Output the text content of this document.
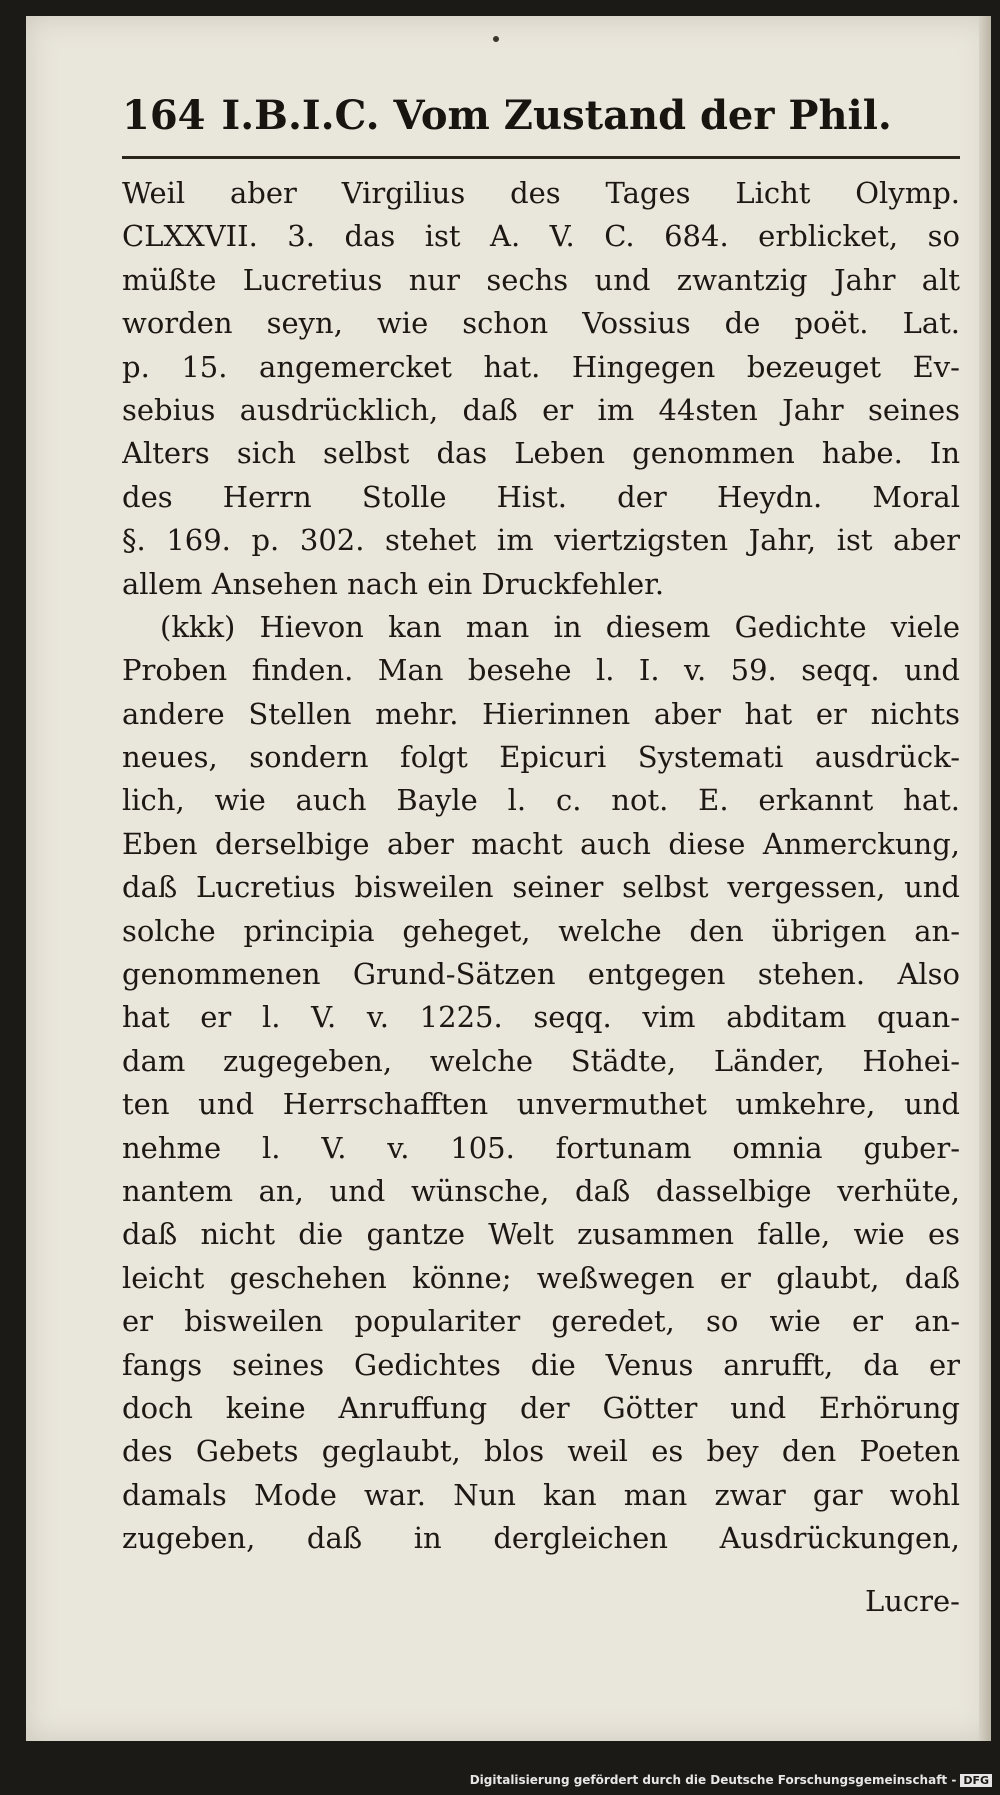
164 I.B.I.C. Vom Zustand der Phil.
Weil aber Virgilius des Tages Licht Olymp.
CLXXVII. 3. das ist A. V. C. 684. erblicket, so
müßte Lucretius nur sechs und zwantzig Jahr alt
worden seyn, wie schon Vossius de poët. Lat.
p. 15. angemercket hat. Hingegen bezeuget Ev-
sebius ausdrücklich, daß er im 44sten Jahr seines
Alters sich selbst das Leben genommen habe. In
des Herrn Stolle Hist. der Heydn. Moral
§. 169. p. 302. stehet im viertzigsten Jahr, ist aber
allem Ansehen nach ein Druckfehler.
(kkk) Hievon kan man in diesem Gedichte viele
Proben finden. Man besehe l. I. v. 59. seqq. und
andere Stellen mehr. Hierinnen aber hat er nichts
neues, sondern folgt Epicuri Systemati ausdrück-
lich, wie auch Bayle l. c. not. E. erkannt hat.
Eben derselbige aber macht auch diese Anmerckung,
daß Lucretius bisweilen seiner selbst vergessen, und
solche principia geheget, welche den übrigen an-
genommenen Grund-Sätzen entgegen stehen. Also
hat er l. V. v. 1225. seqq. vim abditam quan-
dam zugegeben, welche Städte, Länder, Hohei-
ten und Herrschafften unvermuthet umkehre, und
nehme l. V. v. 105. fortunam omnia guber-
nantem an, und wünsche, daß dasselbige verhüte,
daß nicht die gantze Welt zusammen falle, wie es
leicht geschehen könne; weßwegen er glaubt, daß
er bisweilen populariter geredet, so wie er an-
fangs seines Gedichtes die Venus anrufft, da er
doch keine Anruffung der Götter und Erhörung
des Gebets geglaubt, blos weil es bey den Poeten
damals Mode war. Nun kan man zwar gar wohl
zugeben, daß in dergleichen Ausdrückungen,
Lucre-
Digitalisierung gefördert durch die Deutsche Forschungsgemeinschaft - DFG
